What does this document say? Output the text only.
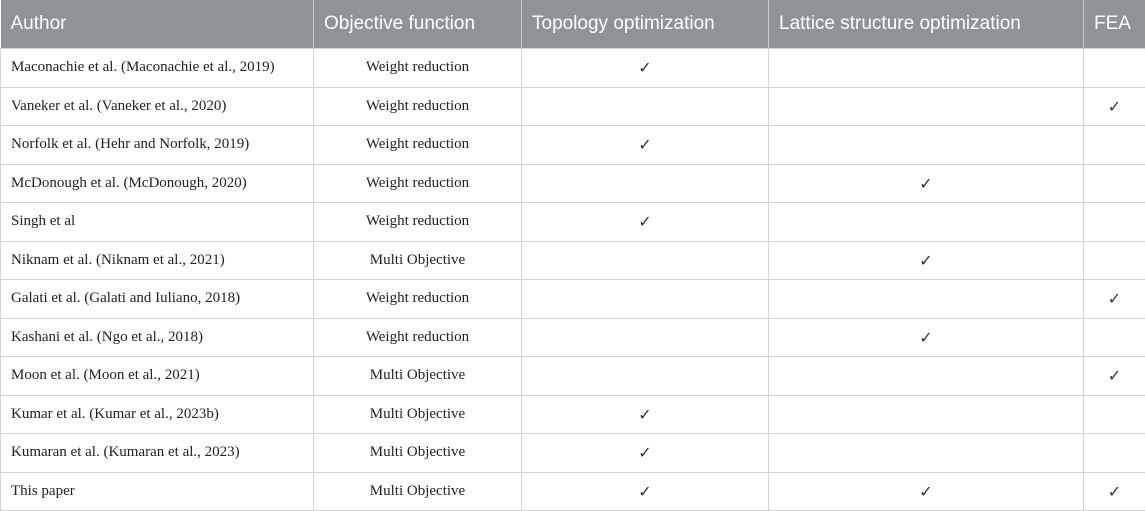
Author	Objective function	Topology optimization	Lattice structure optimization	FEA
Maconachie et al. (Maconachie et al., 2019)	Weight reduction	✓		
Vaneker et al. (Vaneker et al., 2020)	Weight reduction			✓
Norfolk et al. (Hehr and Norfolk, 2019)	Weight reduction	✓		
McDonough et al. (McDonough, 2020)	Weight reduction		✓	
Singh et al	Weight reduction	✓		
Niknam et al. (Niknam et al., 2021)	Multi Objective		✓	
Galati et al. (Galati and Iuliano, 2018)	Weight reduction			✓
Kashani et al. (Ngo et al., 2018)	Weight reduction		✓	
Moon et al. (Moon et al., 2021)	Multi Objective			✓
Kumar et al. (Kumar et al., 2023b)	Multi Objective	✓		
Kumaran et al. (Kumaran et al., 2023)	Multi Objective	✓		
This paper	Multi Objective	✓	✓	✓
